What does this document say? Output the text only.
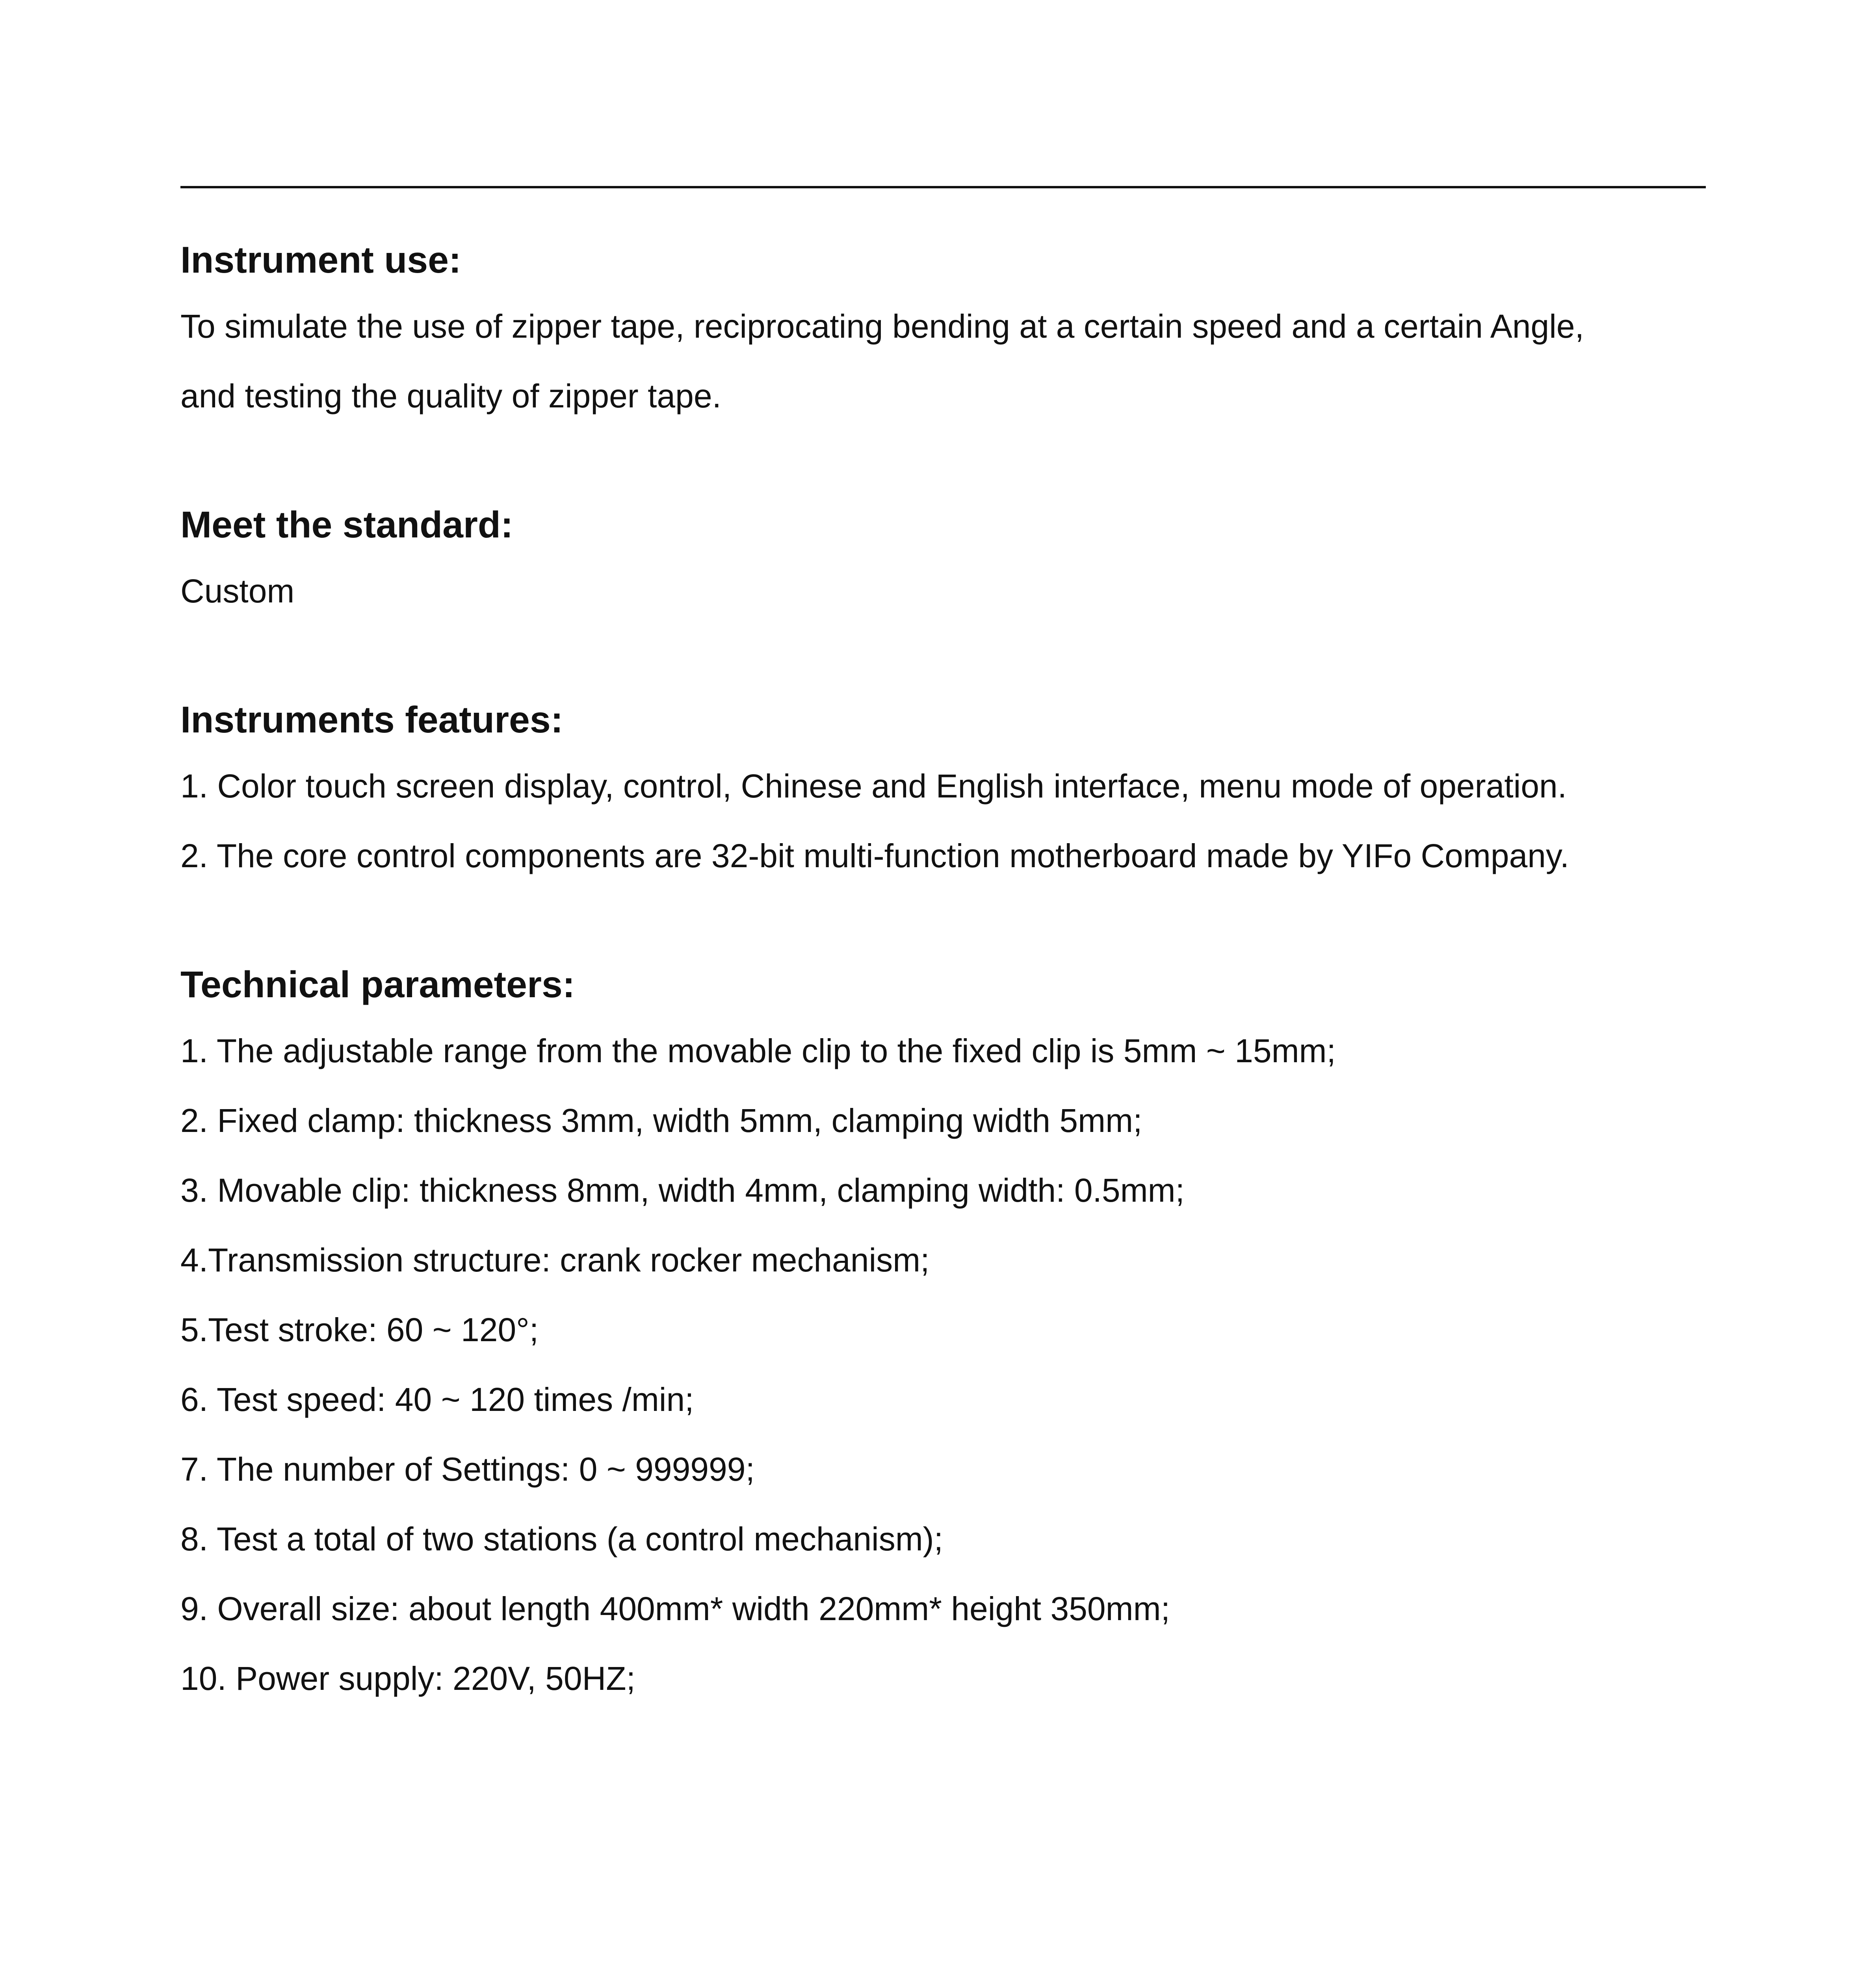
Instrument use:

To simulate the use of zipper tape, reciprocating bending at a certain speed and a certain Angle,

and testing the quality of zipper tape.

Meet the standard:

Custom

Instruments features:
1. Color touch screen display, control, Chinese and English interface, menu mode of operation.
2. The core control components are 32-bit multi-function motherboard made by YIFo Company.
Technical parameters:
1. The adjustable range from the movable clip to the fixed clip is 5mm ~ 15mm;
2. Fixed clamp: thickness 3mm, width 5mm, clamping width 5mm;
3. Movable clip: thickness 8mm, width 4mm, clamping width: 0.5mm;
4.Transmission structure: crank rocker mechanism;
5.Test stroke: 60 ~ 120°;
6. Test speed: 40 ~ 120 times /min;
7. The number of Settings: 0 ~ 999999;
8. Test a total of two stations (a control mechanism);
9. Overall size: about length 400mm* width 220mm* height 350mm;
10. Power supply: 220V, 50HZ;
